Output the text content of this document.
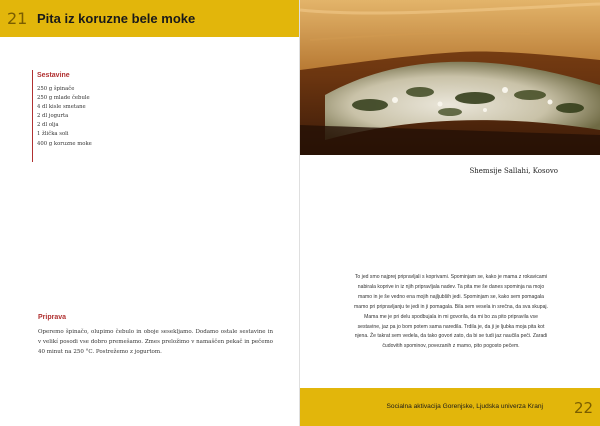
21 Pita iz koruzne bele moke
Sestavine
250 g špinače
250 g mlade čebule
4 dl kisle smetane
2 dl jogurta
2 dl olja
1 žlička soli
400 g koruzne moke
Priprava

Operemo špinačo, olupimo čebulo in oboje sesekljamo. Dodamo ostale sestavine in v velikí posodi vse dobro premešamo. Zmes preložimo v namaščen pekač in pečemo 40 minut na 250 °C. Postrežemo z jogurtom.

Shemsije Sallahi, Kosovo

To jed smo najprej pripravljali s koprivami. Spominjam se, kako je mama z rokavicami

nabirala koprive in iz njih pripravljala nadev. Ta pita me še danes spominja na mojo

mamo in je še vedno ena mojih najljubših jedi. Spominjam se, kako sem pomagala

mamo pri pripravljanju te jedi in ji pomagala. Bila sem vesela in srečna, da sva skupaj.

Mama me je pri delu spodbujala in mi govorila, da mi bo za pito pripravila vse

sestavine, jaz pa jo bom potem sama naredila. Trdila je, da ji je ljubka moja pita kot

njena. Že takrat sem vedela, da tako govori zato, da bi se tudi jaz naučila peči. Zaradi

čudovitih spominov, povezanih z mamo, pito pogosto pečem.

Socialna aktivacija Gorenjske, Ljudska univerza Kranj 22
